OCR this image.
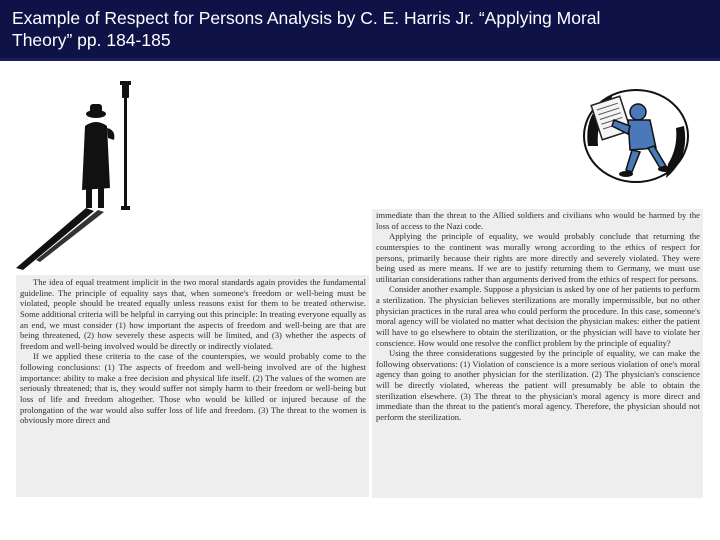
Example of Respect for Persons Analysis by C. E. Harris Jr. “Applying Moral
Theory” pp. 184-185

The idea of equal treatment implicit in the two moral standards again provides the fundamental guideline. The principle of equality says that, when someone's freedom or well-being must be violated, people should be treated equally unless reasons exist for them to be treated otherwise. Some additional criteria will be helpful in carrying out this principle: In treating everyone equally as an end, we must consider (1) how important the aspects of freedom and well-being are that are being threatened, (2) how severely these aspects will be limited, and (3) whether the aspects of freedom and well-being involved would be directly or indirectly violated.

If we applied these criteria to the case of the counterspies, we would probably come to the following conclusions: (1) The aspects of freedom and well-being involved are of the highest importance: ability to make a free decision and physical life itself. (2) The values of the women are seriously threatened; that is, they would suffer not simply harm to their freedom or well-being but loss of life and freedom altogether. Those who would be killed or injured because of the prolongation of the war would also suffer loss of life and freedom. (3) The threat to the women is obviously more direct and

immediate than the threat to the Allied soldiers and civilians who would be harmed by the loss of access to the Nazi code.

Applying the principle of equality, we would probably conclude that returning the counterspies to the continent was morally wrong according to the ethics of respect for persons, primarily because their rights are more directly and severely violated. They were being used as mere means. If we are to justify returning them to Germany, we must use utilitarian considerations rather than arguments derived from the ethics of respect for persons.

Consider another example. Suppose a physician is asked by one of her patients to perform a sterilization. The physician believes sterilizations are morally impermissible, but no other physician practices in the rural area who could perform the procedure. In this case, someone's moral agency will be violated no matter what decision the physician makes: either the patient will have to go elsewhere to obtain the sterilization, or the physician will have to violate her conscience. How would one resolve the conflict problem by the principle of equality?

Using the three considerations suggested by the principle of equality, we can make the following observations: (1) Violation of conscience is a more serious violation of one's moral agency than going to another physician for the sterilization. (2) The physician's conscience will be directly violated, whereas the patient will presumably be able to obtain the sterilization elsewhere. (3) The threat to the physician's moral agency is more direct and immediate than the threat to the patient's moral agency. Therefore, the physician should not perform the sterilization.
